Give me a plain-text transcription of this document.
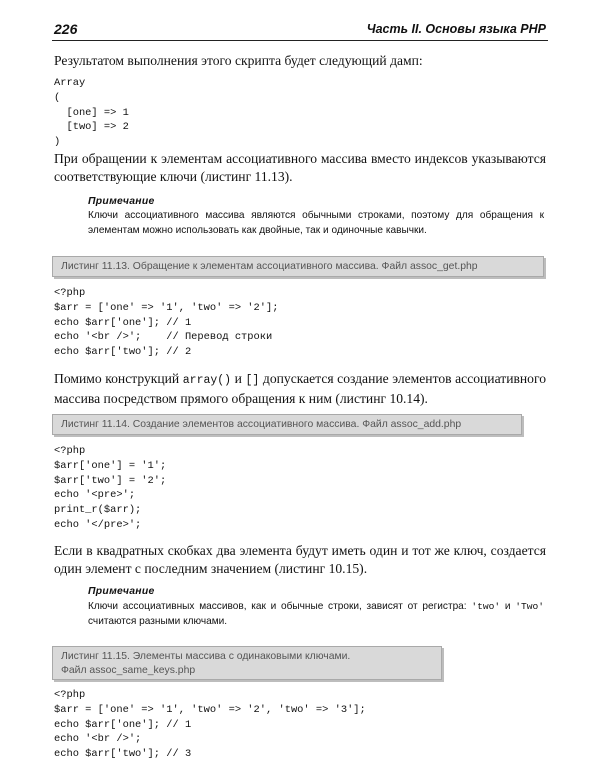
226	Часть II. Основы языка PHP

Результатом выполнения этого скрипта будет следующий дамп:

Array
(
[one] => 1
[two] => 2
)

При обращении к элементам ассоциативного массива вместо индексов указываются соответствующие ключи (листинг 11.13).

Примечание

Ключи ассоциативного массива являются обычными строками, поэтому для обращения к элементам можно использовать как двойные, так и одиночные кавычки.

Листинг 11.13. Обращение к элементам ассоциативного массива. Файл assoc_get.php
<?php
$arr = ['one' => '1', 'two' => '2'];
echo $arr['one']; // 1
echo '<br />';    // Перевод строки
echo $arr['two']; // 2

Помимо конструкций array() и [] допускается создание элементов ассоциативного массива посредством прямого обращения к ним (листинг 10.14).

Листинг 11.14. Создание элементов ассоциативного массива. Файл assoc_add.php
<?php
$arr['one'] = '1';
$arr['two'] = '2';
echo '<pre>';
print_r($arr);
echo '</pre>';

Если в квадратных скобках два элемента будут иметь один и тот же ключ, создается один элемент с последним значением (листинг 10.15).

Примечание

Ключи ассоциативных массивов, как и обычные строки, зависят от регистра: 'two' и 'Two' считаются разными ключами.

Листинг 11.15. Элементы массива с одинаковыми ключами.
Файл assoc_same_keys.php
<?php
$arr = ['one' => '1', 'two' => '2', 'two' => '3'];
echo $arr['one']; // 1
echo '<br />';
echo $arr['two']; // 3
